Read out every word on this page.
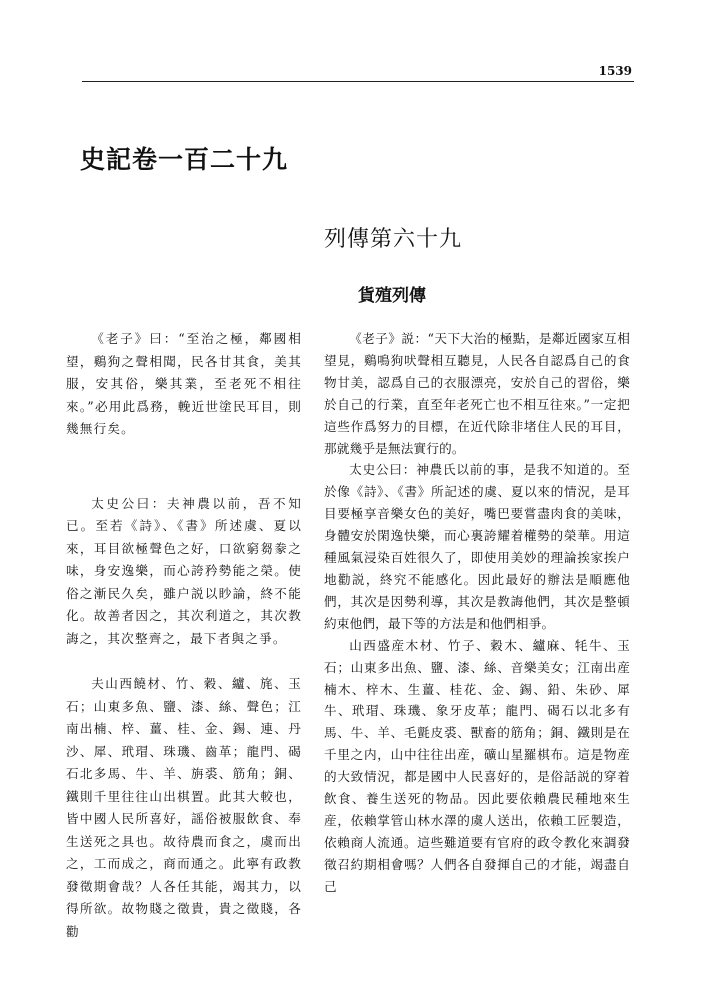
1539
史記卷一百二十九
列傳第六十九
貨殖列傳

《老子》曰：“至治之極，鄰國相望，鷄狗之聲相聞，民各甘其食，美其服，安其俗，樂其業，至老死不相往來。”必用此爲務，輓近世塗民耳目，則幾無行矣。

太史公曰：夫神農以前，吾不知已。至若《詩》、《書》所述虞、夏以來，耳目欲極聲色之好，口欲窮芻豢之味，身安逸樂，而心誇矜勢能之榮。使俗之漸民久矣，雖户説以眇論，終不能化。故善者因之，其次利道之，其次教誨之，其次整齊之，最下者與之爭。

夫山西饒材、竹、穀、纑、旄、玉石；山東多魚、鹽、漆、絲、聲色；江南出楠、梓、薑、桂、金、錫、連、丹沙、犀、玳瑁、珠璣、齒革；龍門、碣石北多馬、牛、羊、旃裘、筋角；銅、鐵則千里往往山出棋置。此其大較也，皆中國人民所喜好，謡俗被服飲食、奉生送死之具也。故待農而食之，虞而出之，工而成之，商而通之。此寧有政教發徵期會哉？人各任其能，竭其力，以得所欲。故物賤之徵貴，貴之徵賤，各勸

《老子》説：“天下大治的極點，是鄰近國家互相望見，鷄鳴狗吠聲相互聽見，人民各自認爲自己的食物甘美，認爲自己的衣服漂亮，安於自己的習俗，樂於自己的行業，直至年老死亡也不相互往來。”一定把這些作爲努力的目標，在近代除非堵住人民的耳目，那就幾乎是無法實行的。

太史公曰：神農氏以前的事，是我不知道的。至於像《詩》、《書》所記述的虞、夏以來的情況，是耳目要極享音樂女色的美好，嘴巴要嘗盡肉食的美味，身體安於閑逸快樂，而心裏誇耀着權勢的榮華。用這種風氣浸染百姓很久了，即使用美妙的理論挨家挨户地勸説，終究不能感化。因此最好的辦法是順應他們，其次是因勢利導，其次是教誨他們，其次是整頓約束他們，最下等的方法是和他們相爭。

山西盛産木材、竹子、穀木、纑麻、牦牛、玉石；山東多出魚、鹽、漆、絲、音樂美女；江南出産楠木、梓木、生薑、桂花、金、錫、鉛、朱砂、犀牛、玳瑁、珠璣、象牙皮革；龍門、碣石以北多有馬、牛、羊、毛氈皮裘、獸畜的筋角；銅、鐵則是在千里之内，山中往往出産，礦山星羅棋布。這是物産的大致情況，都是國中人民喜好的，是俗話説的穿着飲食、養生送死的物品。因此要依賴農民種地來生産，依賴掌管山林水澤的虞人送出，依賴工匠製造，依賴商人流通。這些難道要有官府的政令教化來調發徵召約期相會嗎？人們各自發揮自己的才能，竭盡自己
